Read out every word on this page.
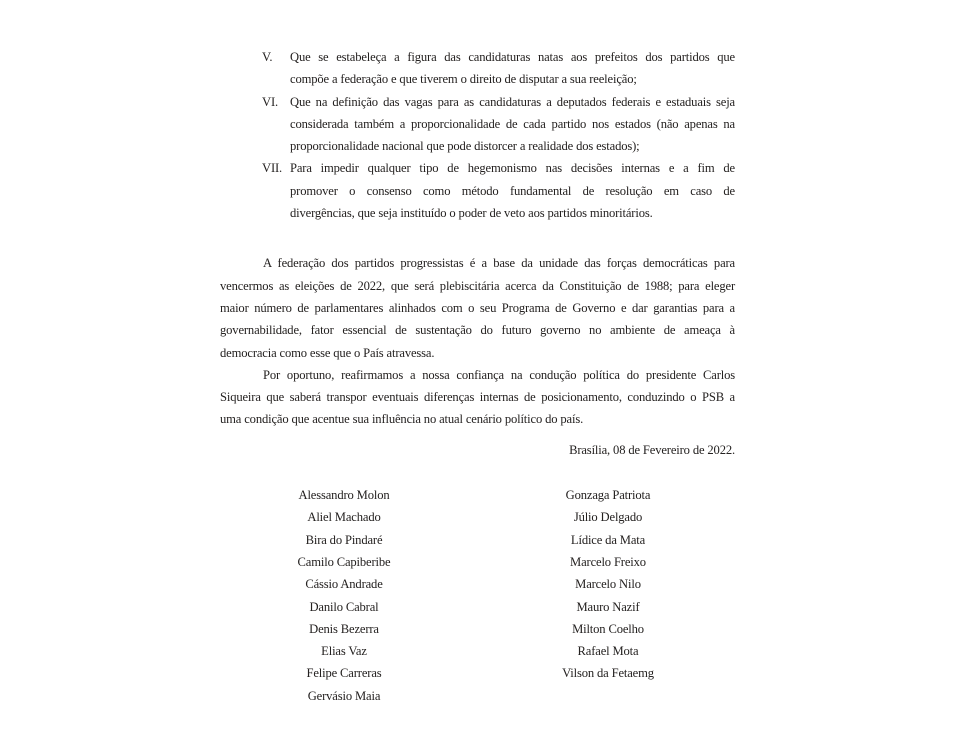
V.	Que se estabeleça a figura das candidaturas natas aos prefeitos dos partidos que
compõe a federação e que tiverem o direito de disputar a sua reeleição;
VI. Que na definição das vagas para as candidaturas a deputados federais e estaduais seja
considerada também a proporcionalidade de cada partido nos estados (não apenas na
proporcionalidade nacional que pode distorcer a realidade dos estados);
VII. Para impedir qualquer tipo de hegemonismo nas decisões internas e a fim de
promover o consenso como método fundamental de resolução em caso de
divergências, que seja instituído o poder de veto aos partidos minoritários.
A federação dos partidos progressistas é a base da unidade das forças democráticas para
vencermos as eleições de 2022, que será plebiscitária acerca da Constituição de 1988; para eleger
maior número de parlamentares alinhados com o seu Programa de Governo e dar garantias para a
governabilidade, fator essencial de sustentação do futuro governo no ambiente de ameaça à
democracia como esse que o País atravessa.
Por oportuno, reafirmamos a nossa confiança na condução política do presidente Carlos
Siqueira que saberá transpor eventuais diferenças internas de posicionamento, conduzindo o PSB a
uma condição que acentue sua influência no atual cenário político do país.
Brasília, 08 de Fevereiro de 2022.
Alessandro Molon
Aliel Machado
Bira do Pindaré
Camilo Capiberibe
Cássio Andrade
Danilo Cabral
Denis Bezerra
Elias Vaz
Felipe Carreras
Gervásio Maia
Gonzaga Patriota
Júlio Delgado
Lídice da Mata
Marcelo Freixo
Marcelo Nilo
Mauro Nazif
Milton Coelho
Rafael Mota
Vilson da Fetaemg
